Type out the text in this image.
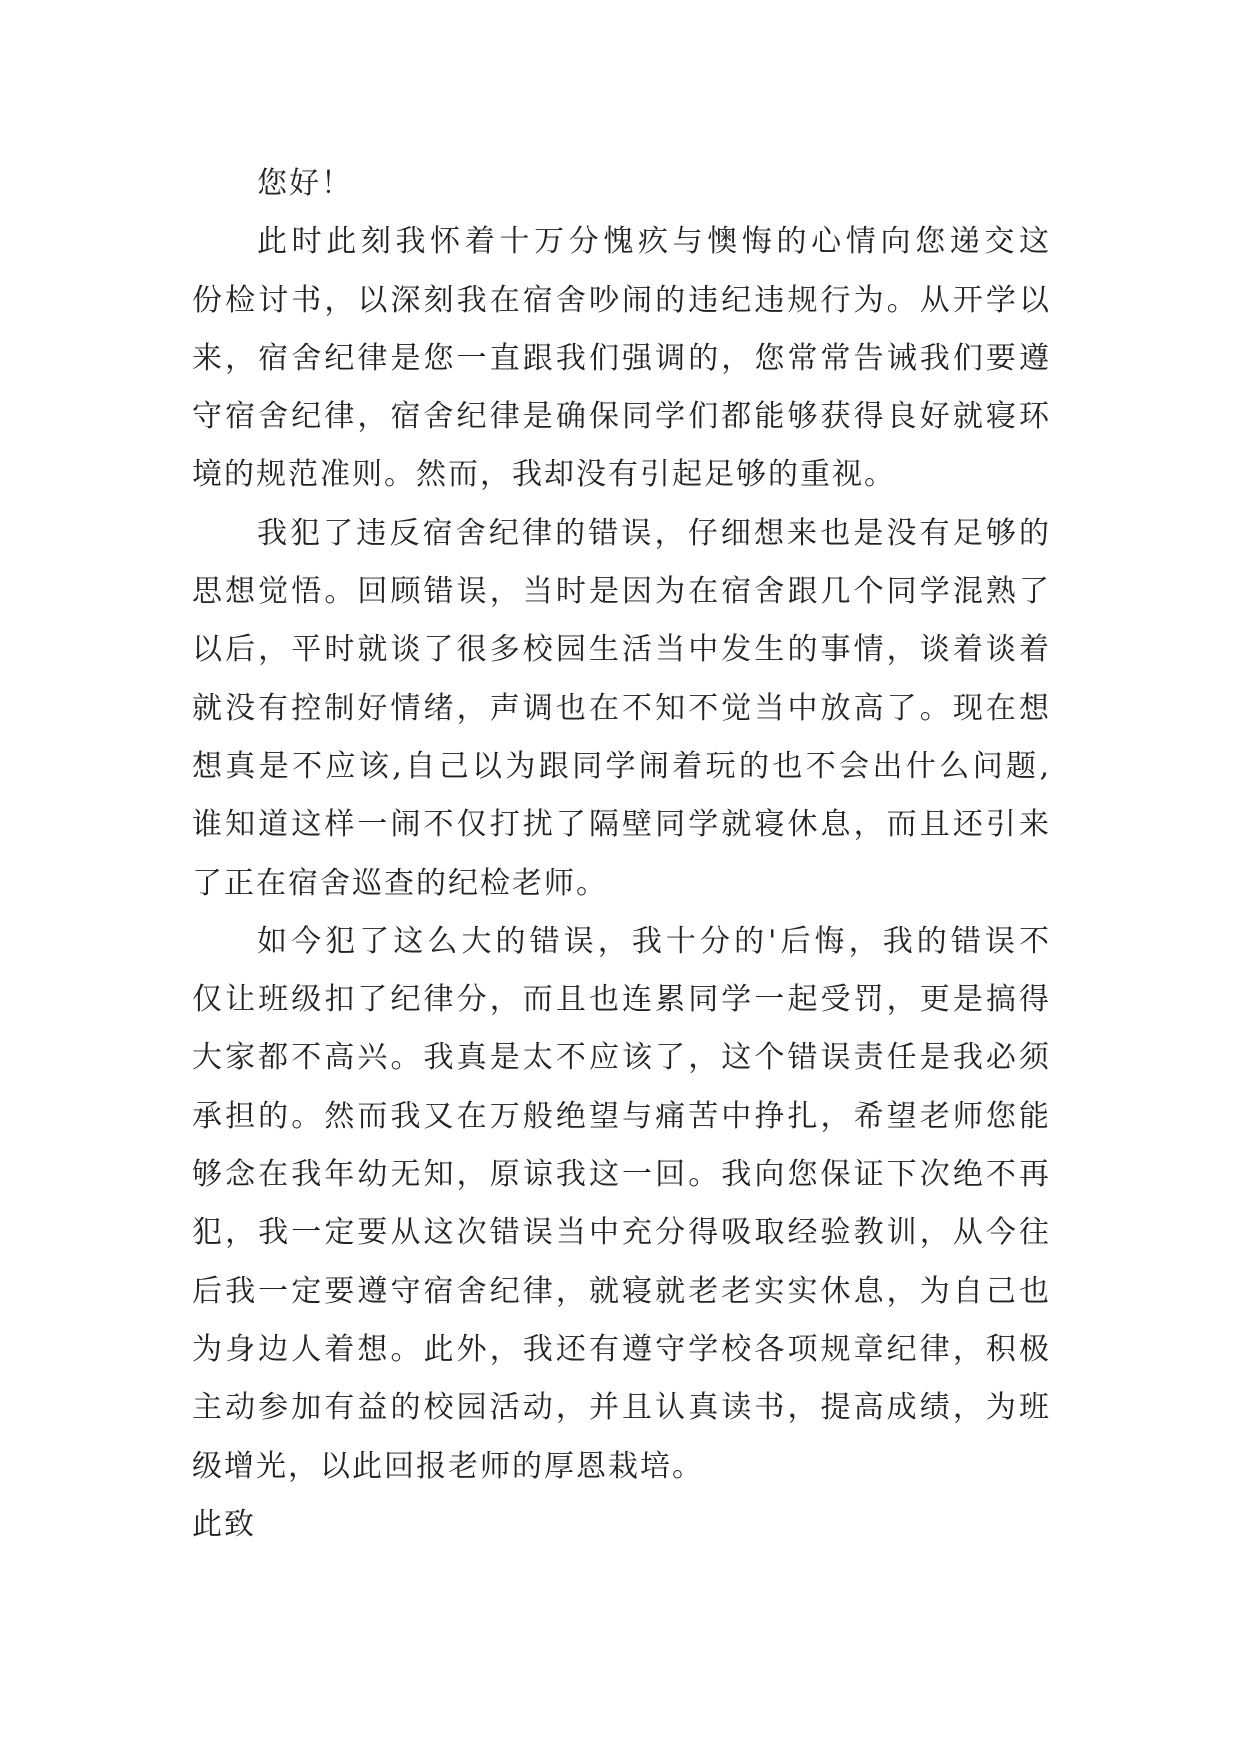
您好！
此时此刻我怀着十万分愧疚与懊悔的心情向您递交这
份检讨书，以深刻我在宿舍吵闹的违纪违规行为。从开学以
来，宿舍纪律是您一直跟我们强调的，您常常告诫我们要遵
守宿舍纪律，宿舍纪律是确保同学们都能够获得良好就寝环
境的规范准则。然而，我却没有引起足够的重视。
我犯了违反宿舍纪律的错误，仔细想来也是没有足够的
思想觉悟。回顾错误，当时是因为在宿舍跟几个同学混熟了
以后，平时就谈了很多校园生活当中发生的事情，谈着谈着
就没有控制好情绪，声调也在不知不觉当中放高了。现在想
想真是不应该,自己以为跟同学闹着玩的也不会出什么问题,
谁知道这样一闹不仅打扰了隔壁同学就寝休息，而且还引来
了正在宿舍巡查的纪检老师。
如今犯了这么大的错误，我十分的'后悔，我的错误不
仅让班级扣了纪律分，而且也连累同学一起受罚，更是搞得
大家都不高兴。我真是太不应该了，这个错误责任是我必须
承担的。然而我又在万般绝望与痛苦中挣扎，希望老师您能
够念在我年幼无知，原谅我这一回。我向您保证下次绝不再
犯，我一定要从这次错误当中充分得吸取经验教训，从今往
后我一定要遵守宿舍纪律，就寝就老老实实休息，为自己也
为身边人着想。此外，我还有遵守学校各项规章纪律，积极
主动参加有益的校园活动，并且认真读书，提高成绩，为班
级增光，以此回报老师的厚恩栽培。
此致
